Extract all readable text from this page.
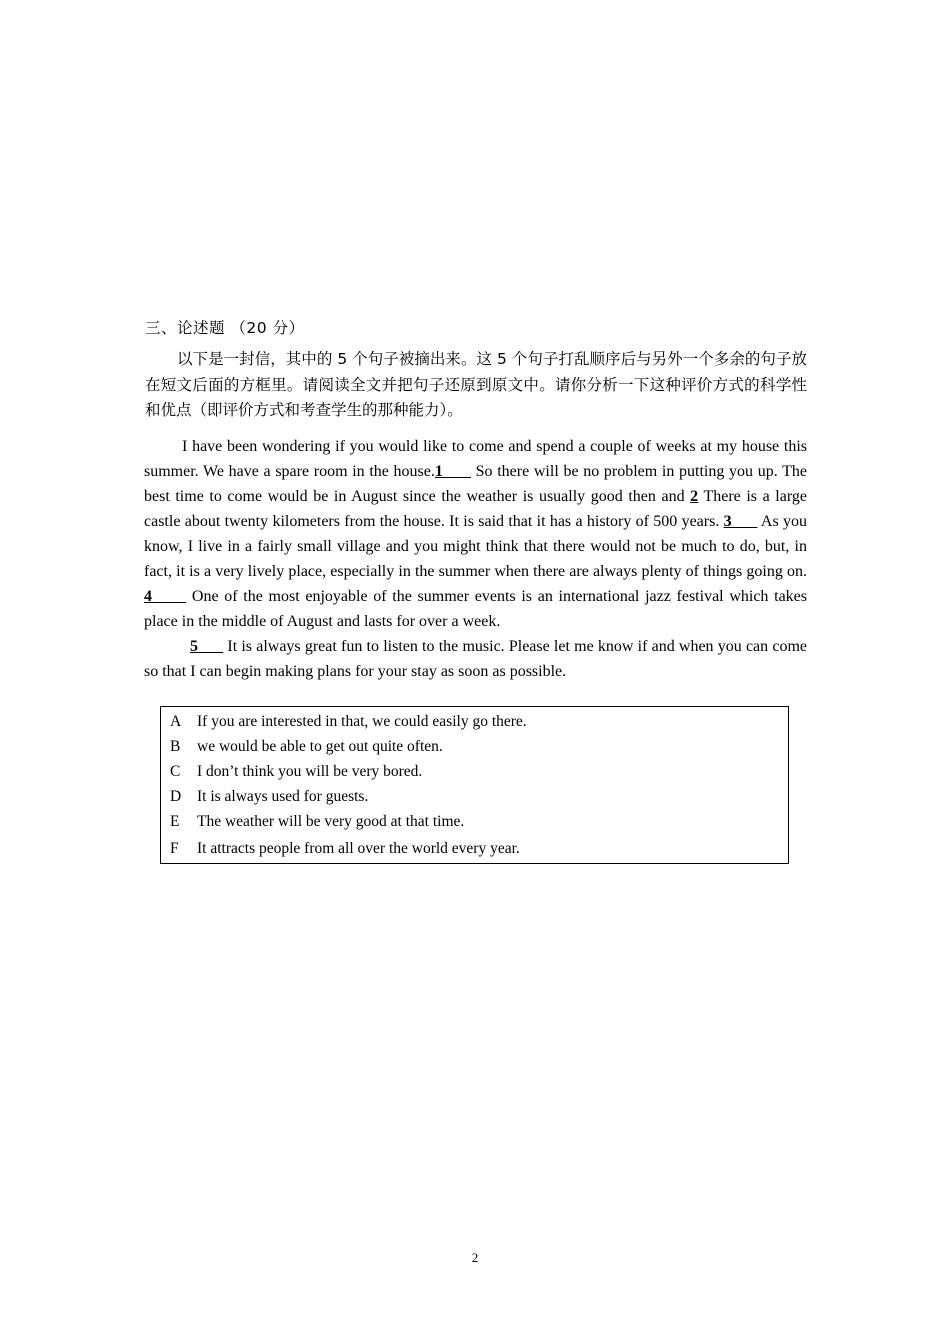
三、论述题 （20 分）

以下是一封信，其中的 5 个句子被摘出来。这 5 个句子打乱顺序后与另外一个多余的句子放在短文后面的方框里。请阅读全文并把句子还原到原文中。请你分析一下这种评价方式的科学性和优点（即评价方式和考查学生的那种能力）。

I have been wondering if you would like to come and spend a couple of weeks at my house this summer. We have a spare room in the house.1       So there will be no problem in putting you up. The best time to come would be in August since the weather is usually good then and 2 There is a large castle about twenty kilometers from the house. It is said that it has a history of 500 years. 3       As you know, I live in a fairly small village and you might think that there would not be much to do, but, in fact, it is a very lively place, especially in the summer when there are always plenty of things going on. 4       One of the most enjoyable of the summer events is an international jazz festival which takes place in the middle of August and lasts for over a week.

5       It is always great fun to listen to the music. Please let me know if and when you can come so that I can begin making plans for your stay as soon as possible.

A If you are interested in that, we could easily go there.
B we would be able to get out quite often.
C I don’t think you will be very bored.
D It is always used for guests.
E The weather will be very good at that time.
F It attracts people from all over the world every year.
2
